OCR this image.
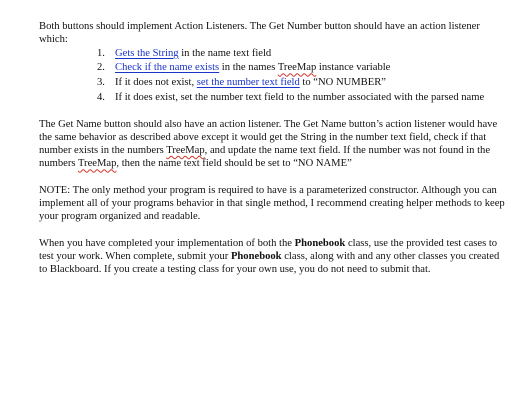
Both buttons should implement Action Listeners. The Get Number button should have an action listener which:

1. Gets the String in the name text field
2. Check if the name exists in the names TreeMap instance variable
3. If it does not exist, set the number text field to “NO NUMBER”
4. If it does exist, set the number text field to the number associated with the parsed name

The Get Name button should also have an action listener. The Get Name button’s action listener would have the same behavior as described above except it would get the String in the number text field, check if that number exists in the numbers TreeMap, and update the name text field. If the number was not found in the numbers TreeMap, then the name text field should be set to “NO NAME”

NOTE: The only method your program is required to have is a parameterized constructor. Although you can implement all of your programs behavior in that single method, I recommend creating helper methods to keep your program organized and readable.

When you have completed your implementation of both the Phonebook class, use the provided test cases to test your work. When complete, submit your Phonebook class, along with and any other classes you created to Blackboard. If you create a testing class for your own use, you do not need to submit that.
